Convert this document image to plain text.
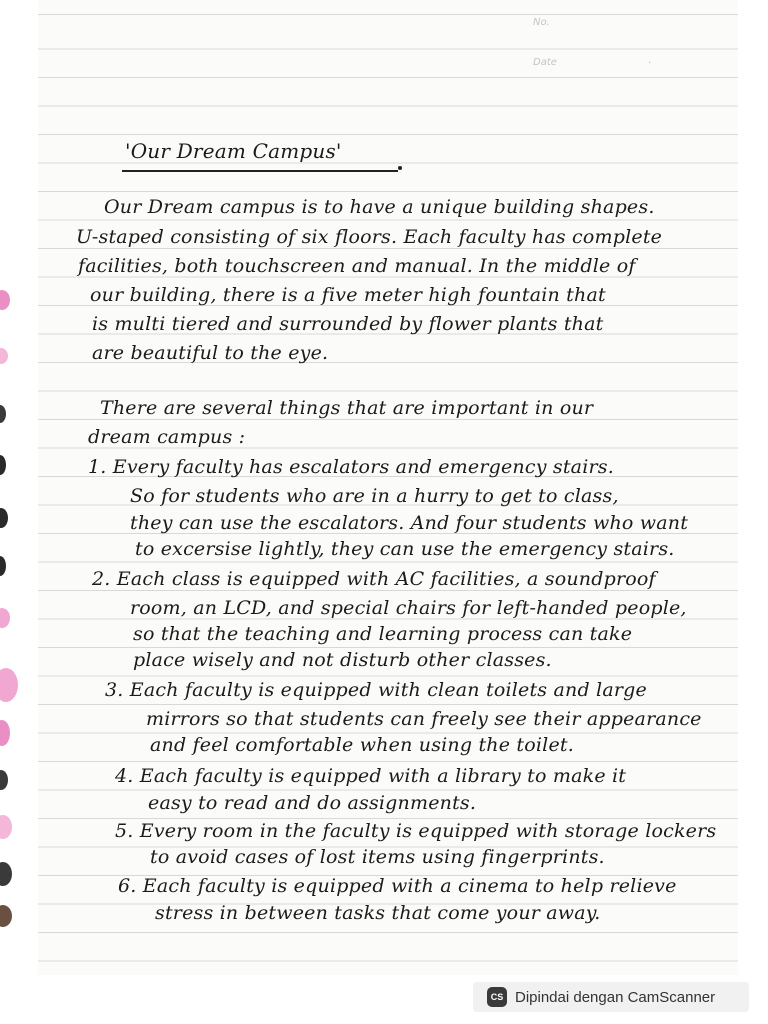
No.
Date	·
'Our Dream Campus'
Our Dream campus is to have a unique building shapes.
U-staped consisting of six floors. Each faculty has complete
facilities, both touchscreen and manual. In the middle of
our building, there is a five meter high fountain that
is multi tiered and surrounded by flower plants that
are beautiful to the eye.
There are several things that are important in our
dream campus :
1. Every faculty has escalators and emergency stairs.
So for students who are in a hurry to get to class,
they can use the escalators. And four students who want
to excersise lightly, they can use the emergency stairs.
2. Each class is equipped with AC facilities, a soundproof
room, an LCD, and special chairs for left-handed people,
so that the teaching and learning process can take
place wisely and not disturb other classes.
3. Each faculty is equipped with clean toilets and large
mirrors so that students can freely see their appearance
and feel comfortable when using the toilet.
4. Each faculty is equipped with a library to make it
easy to read and do assignments.
5. Every room in the faculty is equipped with storage lockers
to avoid cases of lost items using fingerprints.
6. Each faculty is equipped with a cinema to help relieve
stress in between tasks that come your away.
CS Dipindai dengan CamScanner
